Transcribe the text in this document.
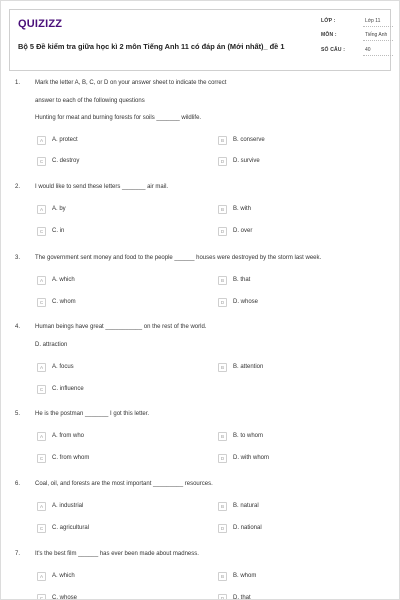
QUIZIZZ
Bộ 5 Đề kiểm tra giữa học kì 2 môn Tiếng Anh 11 có đáp án (Mới nhất)_ đề 1
LỚP :	Lớp 11
MÔN :	Tiếng Anh
SỐ CÂU :	40
1. Mark the letter A, B, C, or D on your answer sheet to indicate the correct
answer to each of the following questions
Hunting for meat and burning forests for soils _______ wildlife.
A	A. protect	B	B. conserve
C	C. destroy	D	D. survive
2. I would like to send these letters _______ air mail.
A	A. by	B	B. with
C	C. in	D	D. over
3. The government sent money and food to the people ______ houses were destroyed by the storm last week.
A	A. which	B	B. that
C	C. whom	D	D. whose
4. Human beings have great ___________ on the rest of the world.
D. attraction
A	A. focus	B	B. attention
C	C. influence
5. He is the postman _______ I got this letter.
A	A. from who	B	B. to whom
C	C. from whom	D	D. with whom
6. Coal, oil, and forests are the most important _________ resources.
A	A. industrial	B	B. natural
C	C. agricultural	D	D. national
7. It's the best film ______ has ever been made about madness.
A	A. which	B	B. whom
C	C. whose	D	D. that
